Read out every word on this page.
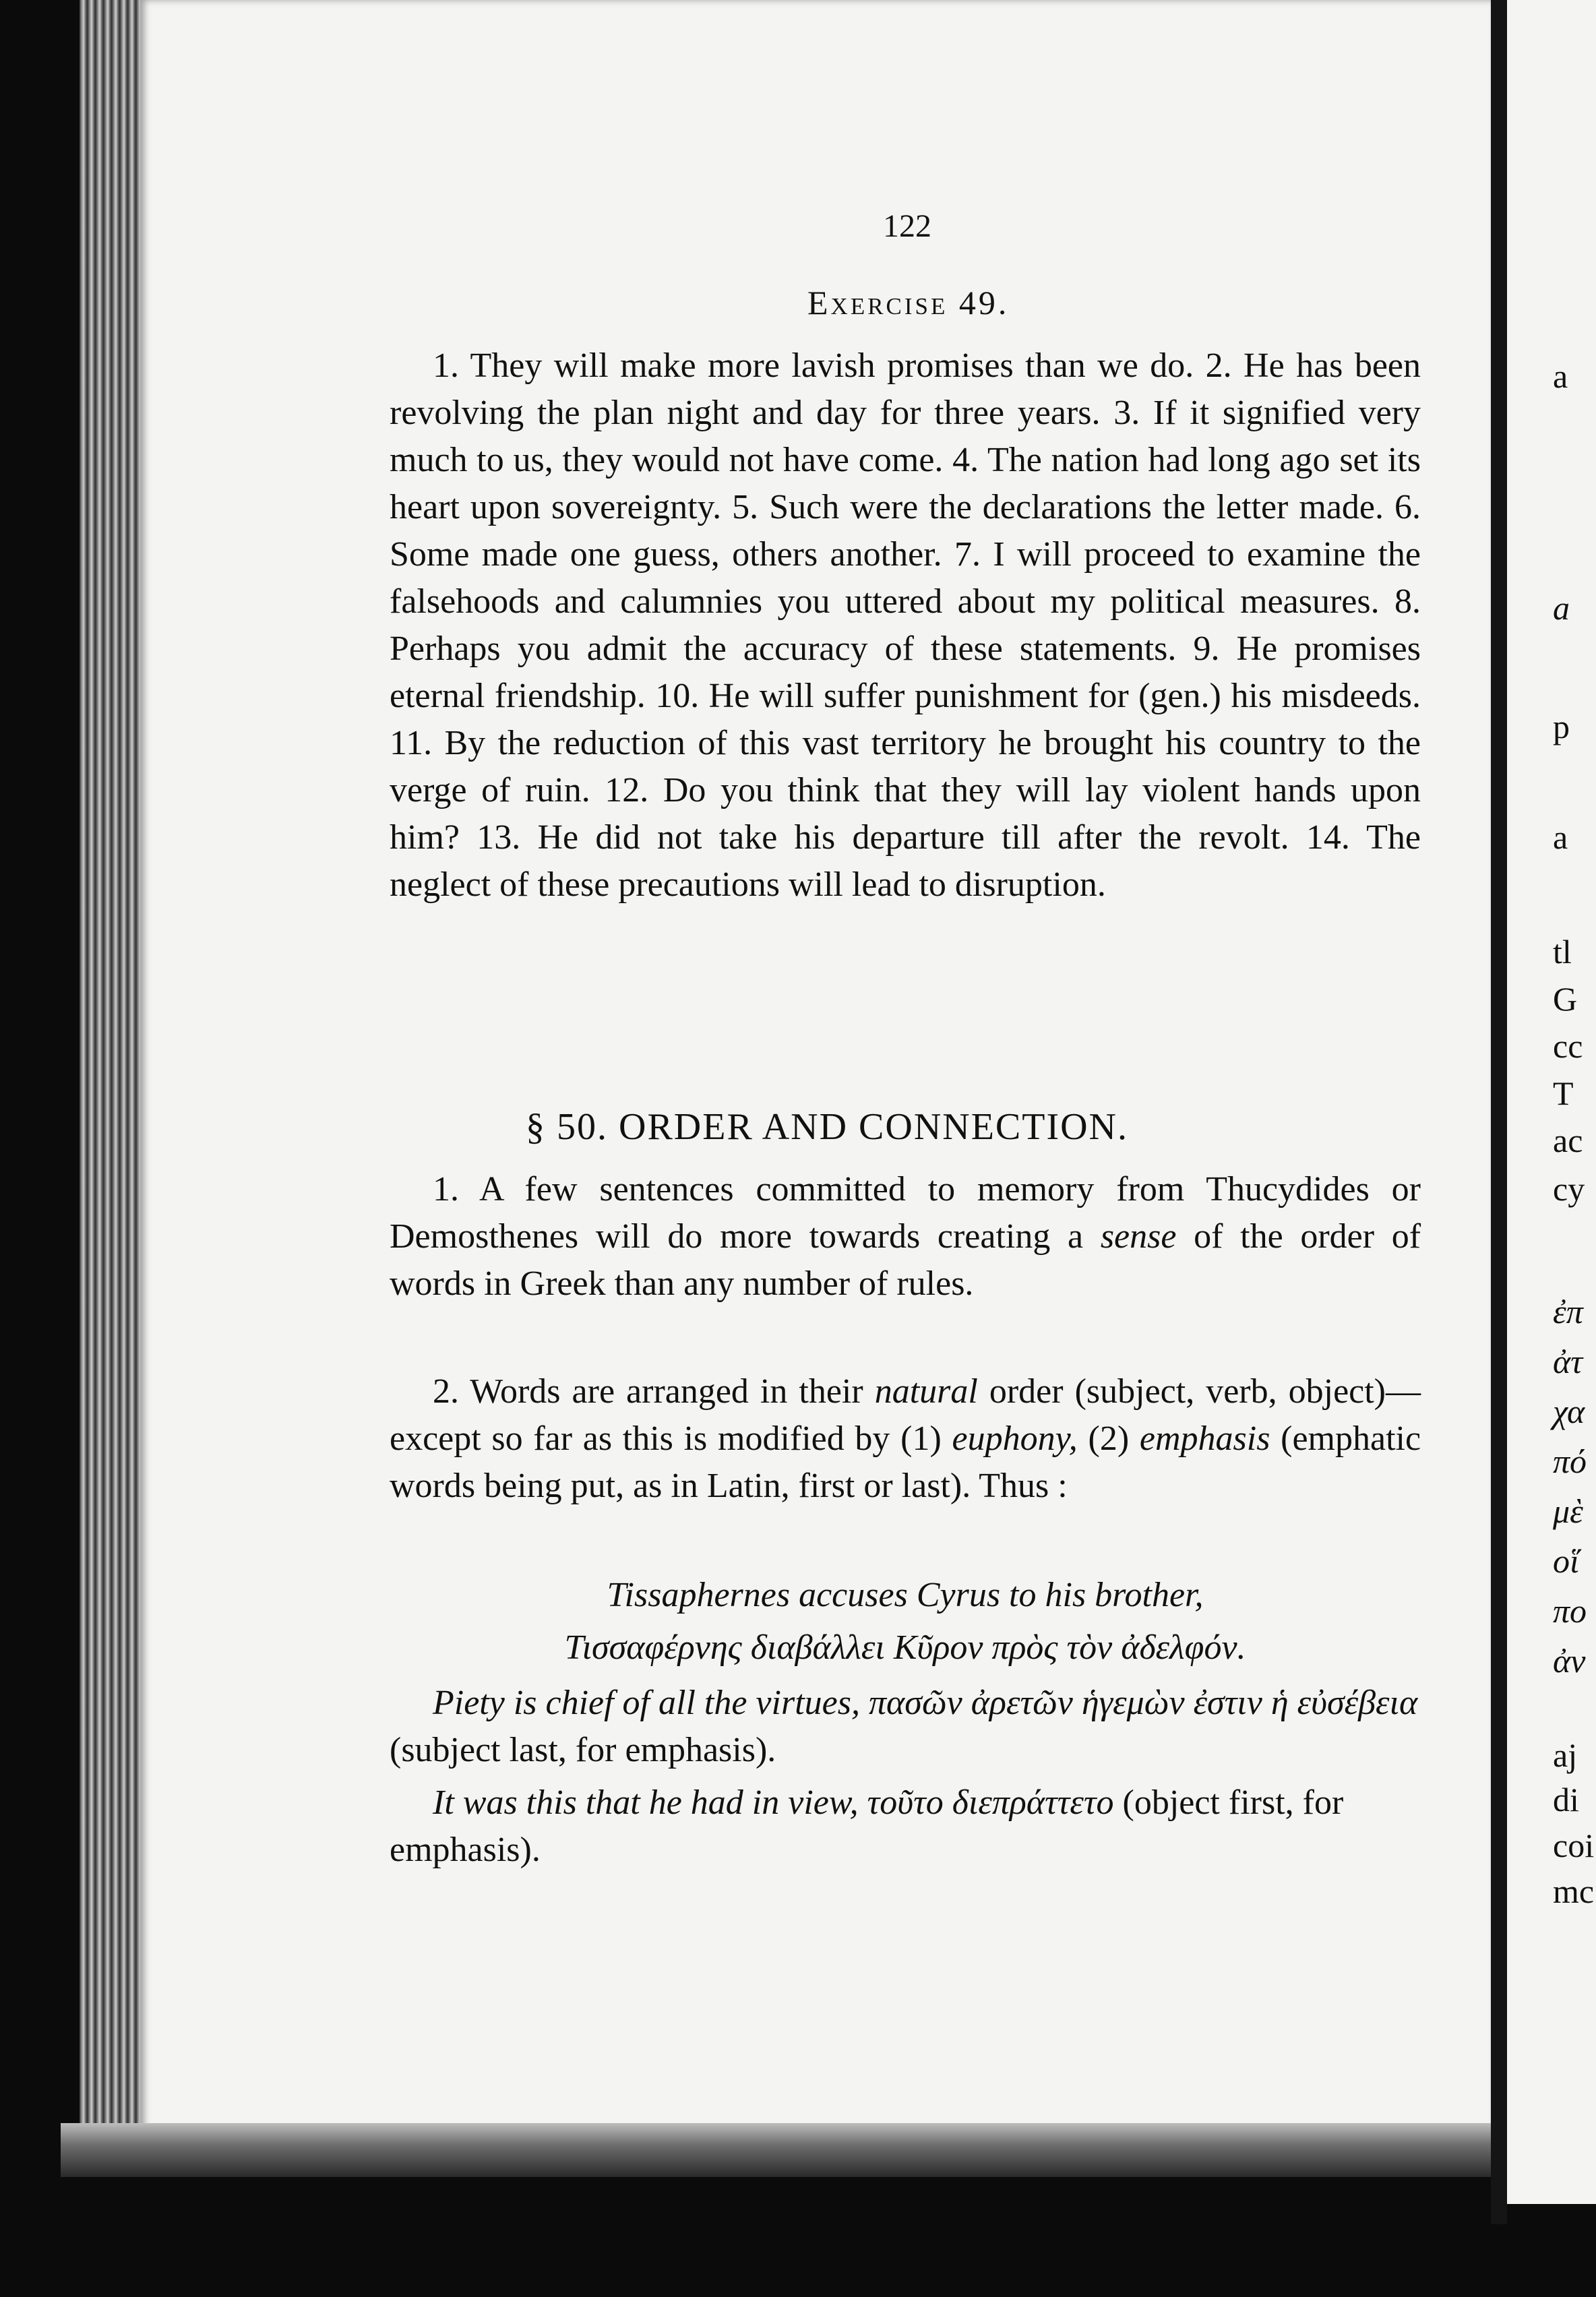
122
Exercise 49.

1. They will make more lavish promises than we do. 2. He has been revolving the plan night and day for three years. 3. If it signified very much to us, they would not have come. 4. The nation had long ago set its heart upon sovereignty. 5. Such were the declarations the letter made. 6. Some made one guess, others another. 7. I will proceed to examine the falsehoods and calumnies you uttered about my political measures. 8. Perhaps you admit the accuracy of these statements. 9. He promises eternal friendship. 10. He will suffer punishment for (gen.) his misdeeds. 11. By the reduction of this vast territory he brought his country to the verge of ruin. 12. Do you think that they will lay violent hands upon him? 13. He did not take his departure till after the revolt. 14. The neglect of these precautions will lead to disruption.

§ 50. ORDER AND CONNECTION.

1. A few sentences committed to memory from Thucydides or Demosthenes will do more towards creating a sense of the order of words in Greek than any number of rules.

2. Words are arranged in their natural order (subject, verb, object)—except so far as this is modified by (1) euphony, (2) emphasis (emphatic words being put, as in Latin, first or last). Thus :

Tissaphernes accuses Cyrus to his brother,
Τισσαφέρνης διαβάλλει Κῦρον πρὸς τὸν ἀδελφόν.
Piety is chief of all the virtues, πασῶν ἀρετῶν ἡγεμὼν ἐστιν ἡ εὐσέβεια (subject last, for emphasis).
It was this that he had in view, τοῦτο διεπράττετο (object first, for emphasis).
a
a
p
a
tl
G
cc
T
ac
cy
ἐπ
ἀτ
χα
πό
μὲ
οἵ
πο
ἀν
aj
di
coi
mc
